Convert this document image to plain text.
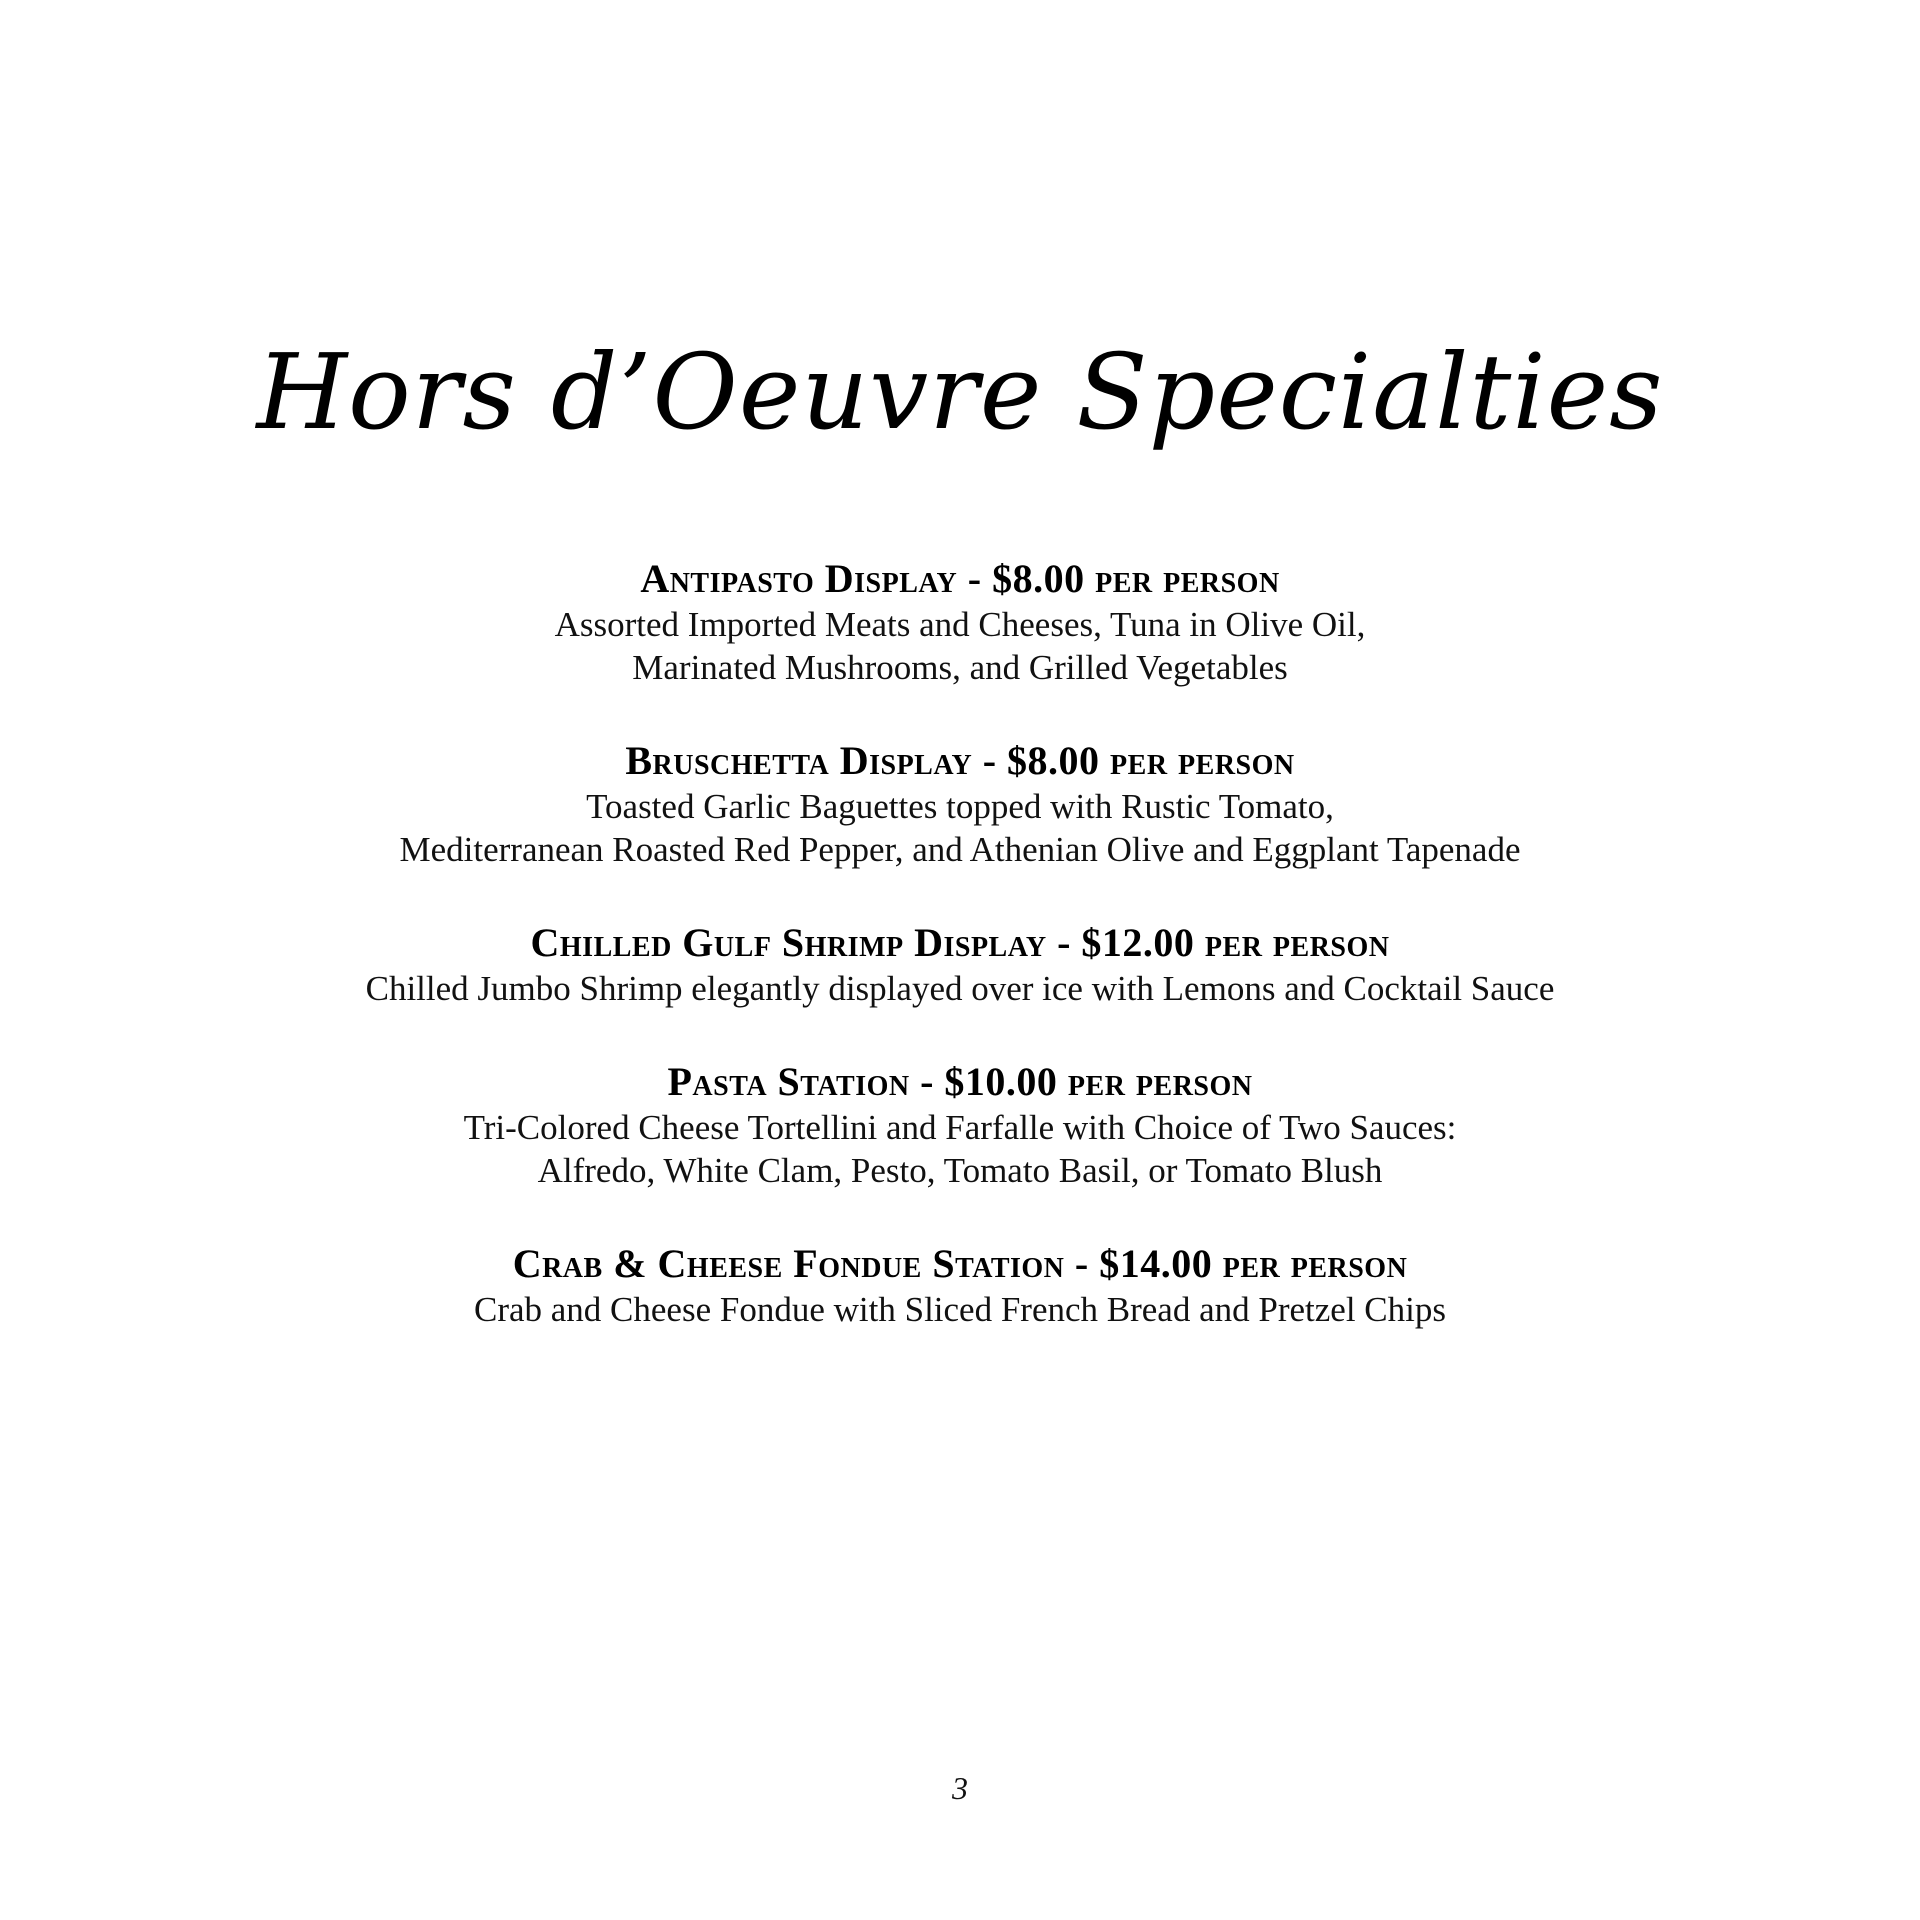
Hors d’Oeuvre Specialties
Antipasto Display - $8.00 per person
Assorted Imported Meats and Cheeses, Tuna in Olive Oil,
Marinated Mushrooms, and Grilled Vegetables
Bruschetta Display - $8.00 per person
Toasted Garlic Baguettes topped with Rustic Tomato,
Mediterranean Roasted Red Pepper, and Athenian Olive and Eggplant Tapenade
Chilled Gulf Shrimp Display - $12.00 per person
Chilled Jumbo Shrimp elegantly displayed over ice with Lemons and Cocktail Sauce
Pasta Station - $10.00 per person
Tri-Colored Cheese Tortellini and Farfalle with Choice of Two Sauces:
Alfredo, White Clam, Pesto, Tomato Basil, or Tomato Blush
Crab & Cheese Fondue Station - $14.00 per person
Crab and Cheese Fondue with Sliced French Bread and Pretzel Chips
3
